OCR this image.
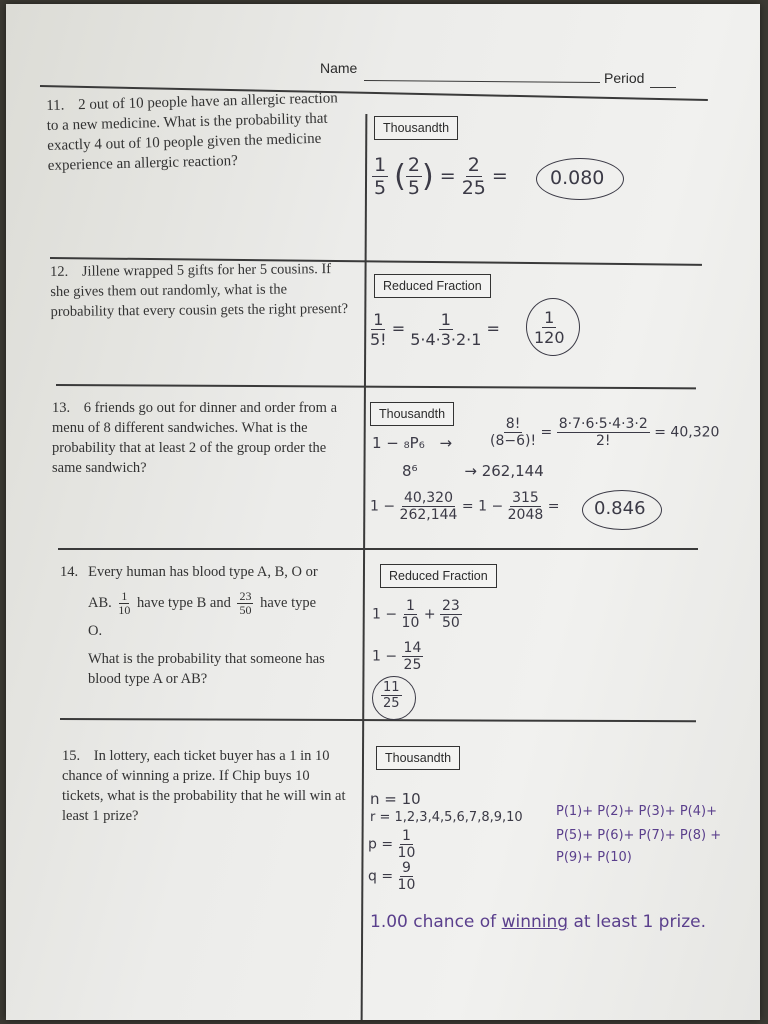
Name
Period
11. 2 out of 10 people have an allergic reaction to a new medicine. What is the probability that exactly 4 out of 10 people given the medicine experience an allergic reaction?
Thousandth
$\frac{1}{5}$ ( $\frac{2}{5}$ ) = $\frac{2}{25} = 0.080$
12. Jillene wrapped 5 gifts for her 5 cousins. If she gives them out randomly, what is the probability that every cousin gets the right present?
Reduced Fraction
$\frac{1}{5!} = \frac{1}{5\cdot 4\cdot 3\cdot 2\cdot 1} = \frac{1}{120}$
13. 6 friends go out for dinner and order from a menu of 8 different sandwiches. What is the probability that at least 2 of the group order the same sandwich?
Thousandth
1 − ₈P₆ →	$\frac{8!}{(8-6)!} = \frac{8\cdot 7\cdot 6\cdot 5\cdot 4\cdot 3\cdot 2}{2!} = 40,320$
8⁶	→ 262,144
$1 - \frac{40,320}{262,144} = 1 - \frac{315}{2048} = 0.846$
14. Every human has blood type A, B, O or
AB. $\frac{1}{10}$ have type B and $\frac{23}{50}$ have type
O.
What is the probability that someone has blood type A or AB?
Reduced Fraction
$1 - \frac{1}{10} + \frac{23}{50}$
$1 - \frac{14}{25}$
$\frac{11}{25}$
15. In lottery, each ticket buyer has a 1 in 10 chance of winning a prize. If Chip buys 10 tickets, what is the probability that he will win at least 1 prize?
Thousandth
n = 10
r = 1,2,3,4,5,6,7,8,9,10
$p = \frac{1}{10}$
$q = \frac{9}{10}$
P(1)+ P(2)+ P(3)+ P(4)+
P(5)+ P(6)+ P(7)+ P(8) +
P(9)+ P(10)
1.00 chance of winning at least 1 prize.
